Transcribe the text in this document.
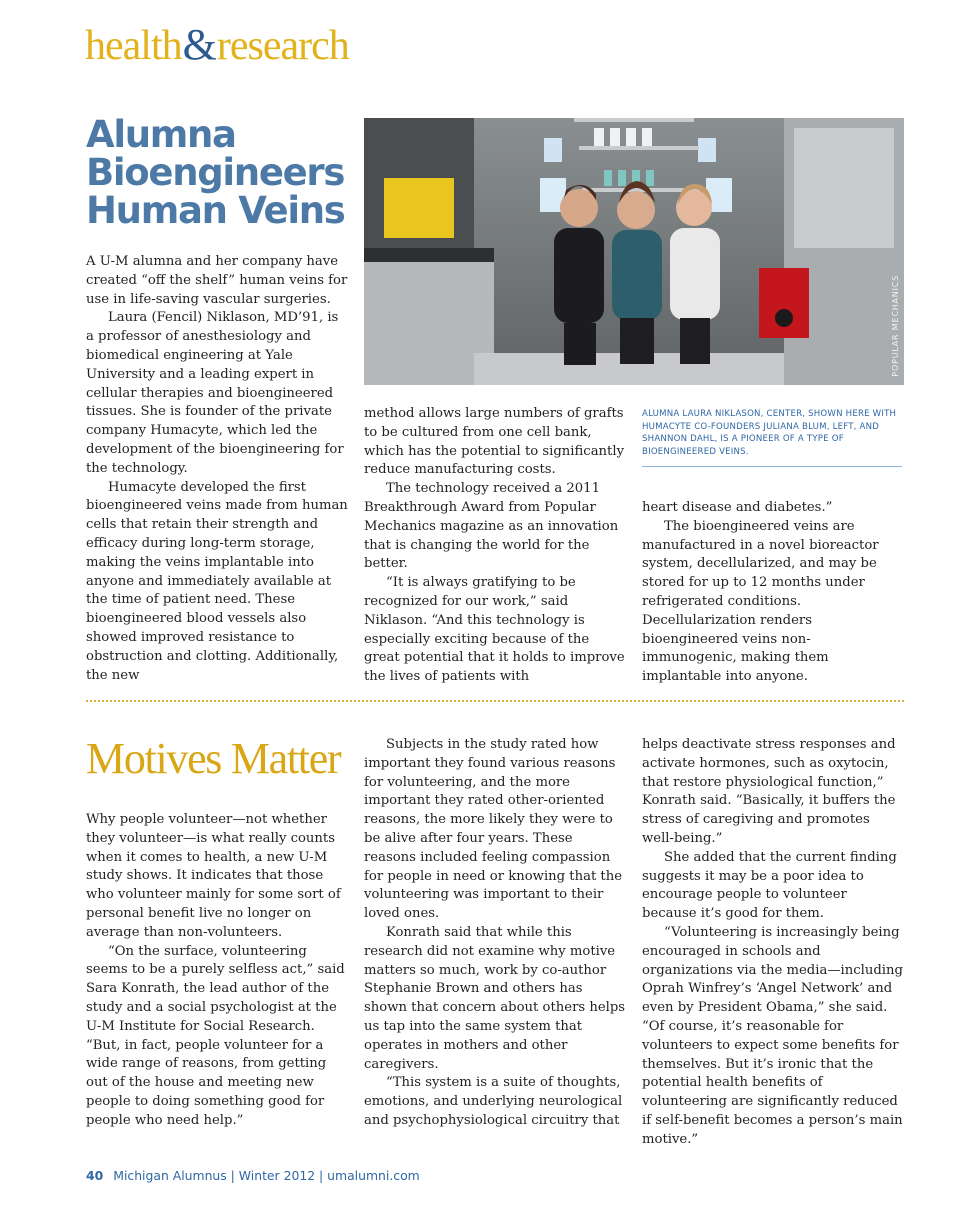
health&research
Alumna Bioengineers Human Veins

A U-M alumna and her company have created “off the shelf” human veins for use in life-saving vascular surgeries.

Laura (Fencil) Niklason, MD’91, is a professor of anesthesiology and biomedical engineering at Yale University and a leading expert in cellular therapies and bioengineered tissues. She is founder of the private company Humacyte, which led the development of the bioengineering for the technology.

Humacyte developed the first bioengineered veins made from human cells that retain their strength and efficacy during long-term storage, making the veins implantable into anyone and immediately available at the time of patient need. These bioengineered blood vessels also showed improved resistance to obstruction and clotting. Additionally, the new

POPULAR MECHANICS

method allows large numbers of grafts to be cultured from one cell bank, which has the potential to significantly reduce manufacturing costs.

The technology received a 2011 Breakthrough Award from Popular Mechanics magazine as an innovation that is changing the world for the better.

“It is always gratifying to be recognized for our work,” said Niklason. “And this technology is especially exciting because of the great potential that it holds to improve the lives of patients with

ALUMNA LAURA NIKLASON, CENTER, SHOWN HERE WITH HUMACYTE CO-FOUNDERS JULIANA BLUM, LEFT, AND SHANNON DAHL, IS A PIONEER OF A TYPE OF BIOENGINEERED VEINS.

heart disease and diabetes.”

The bioengineered veins are manufactured in a novel bioreactor system, decellularized, and may be stored for up to 12 months under refrigerated conditions. Decellularization renders bioengineered veins non-immunogenic, making them implantable into anyone.

Motives Matter

Why people volunteer—not whether they volunteer—is what really counts when it comes to health, a new U-M study shows. It indicates that those who volunteer mainly for some sort of personal benefit live no longer on average than non-volunteers.

“On the surface, volunteering seems to be a purely selfless act,” said Sara Konrath, the lead author of the study and a social psychologist at the U-M Institute for Social Research. “But, in fact, people volunteer for a wide range of reasons, from getting out of the house and meeting new people to doing something good for people who need help.”

Subjects in the study rated how important they found various reasons for volunteering, and the more important they rated other-oriented reasons, the more likely they were to be alive after four years. These reasons included feeling compassion for people in need or knowing that the volunteering was important to their loved ones.

Konrath said that while this research did not examine why motive matters so much, work by co-author Stephanie Brown and others has shown that concern about others helps us tap into the same system that operates in mothers and other caregivers.

“This system is a suite of thoughts, emotions, and underlying neurological and psychophysiological circuitry that

helps deactivate stress responses and activate hormones, such as oxytocin, that restore physiological function,” Konrath said. “Basically, it buffers the stress of caregiving and promotes well-being.”

She added that the current finding suggests it may be a poor idea to encourage people to volunteer because it’s good for them.

“Volunteering is increasingly being encouraged in schools and organizations via the media—including Oprah Winfrey’s ‘Angel Network’ and even by President Obama,” she said. “Of course, it’s reasonable for volunteers to expect some benefits for themselves. But it’s ironic that the potential health benefits of volunteering are significantly reduced if self-benefit becomes a person’s main motive.”

40 Michigan Alumnus | Winter 2012 | umalumni.com
